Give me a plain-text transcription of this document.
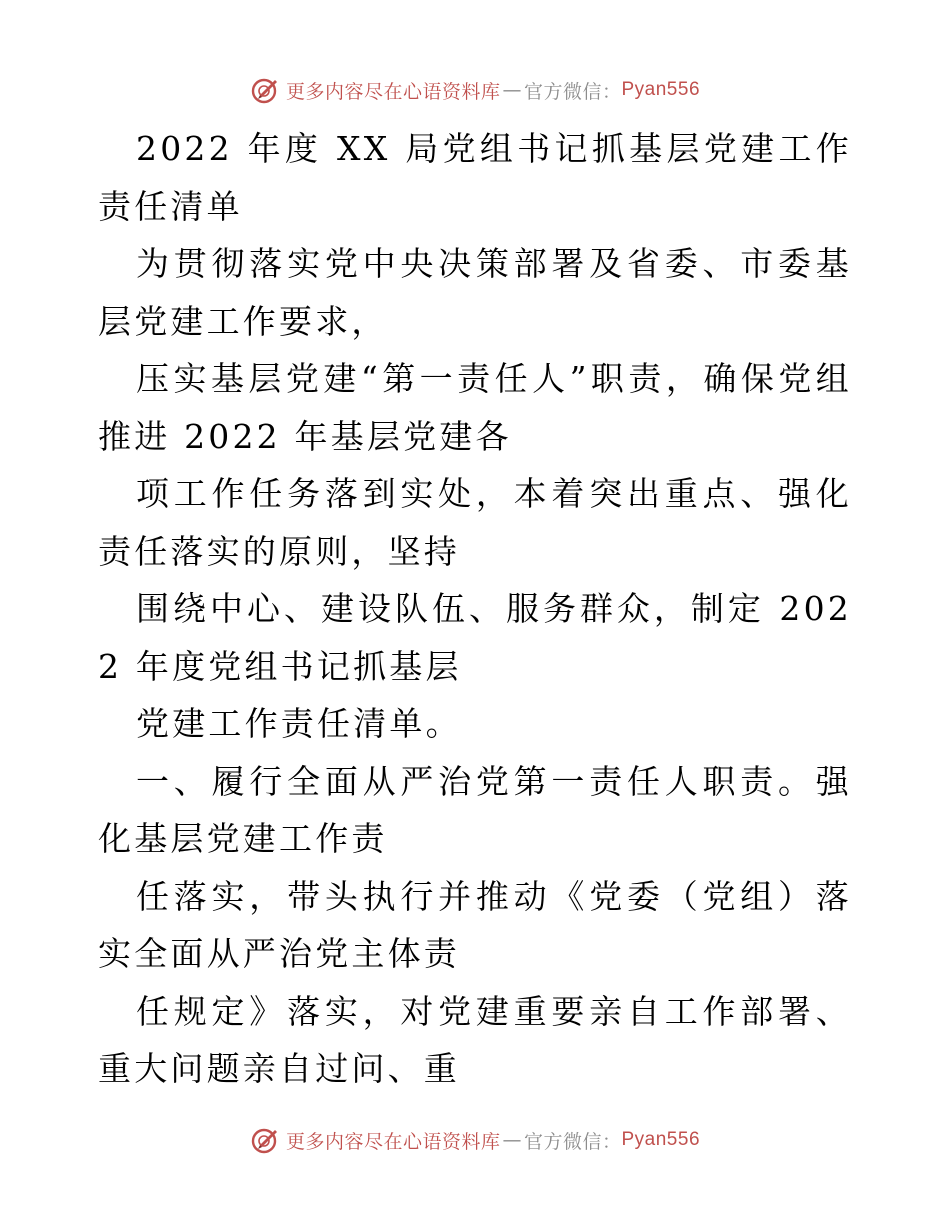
更多内容尽在心语资料库 — 官方微信： Pyan556

2022 年度 XX 局党组书记抓基层党建工作责任清单

为贯彻落实党中央决策部署及省委、市委基层党建工作要求，

压实基层党建“第一责任人”职责，确保党组推进 2022 年基层党建各

项工作任务落到实处，本着突出重点、强化责任落实的原则，坚持

围绕中心、建设队伍、服务群众，制定 2022 年度党组书记抓基层

党建工作责任清单。

一、履行全面从严治党第一责任人职责。强化基层党建工作责

任落实，带头执行并推动《党委（党组）落实全面从严治党主体责

任规定》落实，对党建重要亲自工作部署、重大问题亲自过问、重

更多内容尽在心语资料库 — 官方微信： Pyan556
